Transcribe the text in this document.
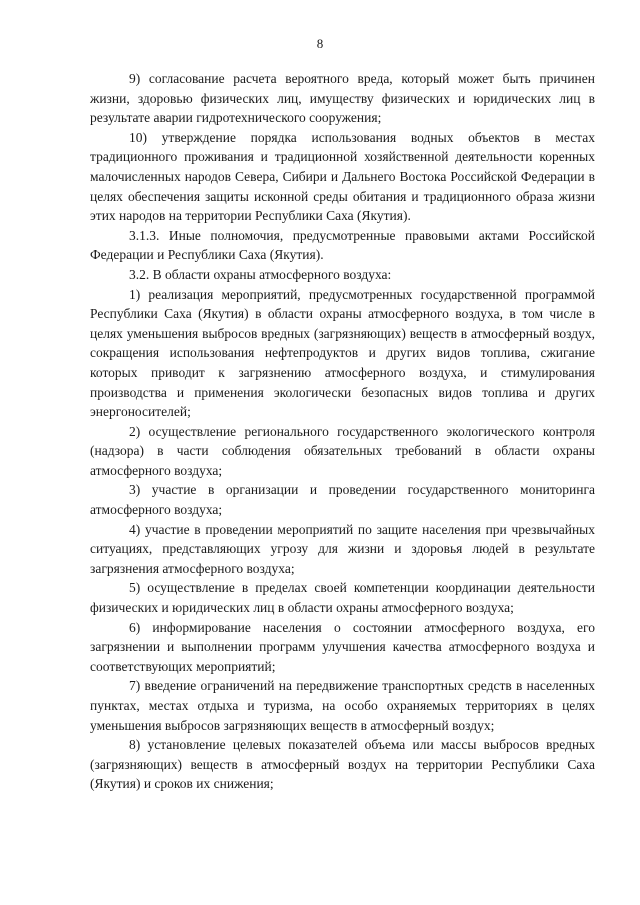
8

9) согласование расчета вероятного вреда, который может быть причинен жизни, здоровью физических лиц, имуществу физических и юридических лиц в результате аварии гидротехнического сооружения;

10) утверждение порядка использования водных объектов в местах традиционного проживания и традиционной хозяйственной деятельности коренных малочисленных народов Севера, Сибири и Дальнего Востока Российской Федерации в целях обеспечения защиты исконной среды обитания и традиционного образа жизни этих народов на территории Республики Саха (Якутия).

3.1.3. Иные полномочия, предусмотренные правовыми актами Российской Федерации и Республики Саха (Якутия).

3.2. В области охраны атмосферного воздуха:

1) реализация мероприятий, предусмотренных государственной программой Республики Саха (Якутия) в области охраны атмосферного воздуха, в том числе в целях уменьшения выбросов вредных (загрязняющих) веществ в атмосферный воздух, сокращения использования нефтепродуктов и других видов топлива, сжигание которых приводит к загрязнению атмосферного воздуха, и стимулирования производства и применения экологически безопасных видов топлива и других энергоносителей;

2) осуществление регионального государственного экологического контроля (надзора) в части соблюдения обязательных требований в области охраны атмосферного воздуха;

3) участие в организации и проведении государственного мониторинга атмосферного воздуха;

4) участие в проведении мероприятий по защите населения при чрезвычайных ситуациях, представляющих угрозу для жизни и здоровья людей в результате загрязнения атмосферного воздуха;

5) осуществление в пределах своей компетенции координации деятельности физических и юридических лиц в области охраны атмосферного воздуха;

6) информирование населения о состоянии атмосферного воздуха, его загрязнении и выполнении программ улучшения качества атмосферного воздуха и соответствующих мероприятий;

7) введение ограничений на передвижение транспортных средств в населенных пунктах, местах отдыха и туризма, на особо охраняемых территориях в целях уменьшения выбросов загрязняющих веществ в атмосферный воздух;

8) установление целевых показателей объема или массы выбросов вредных (загрязняющих) веществ в атмосферный воздух на территории Республики Саха (Якутия) и сроков их снижения;
